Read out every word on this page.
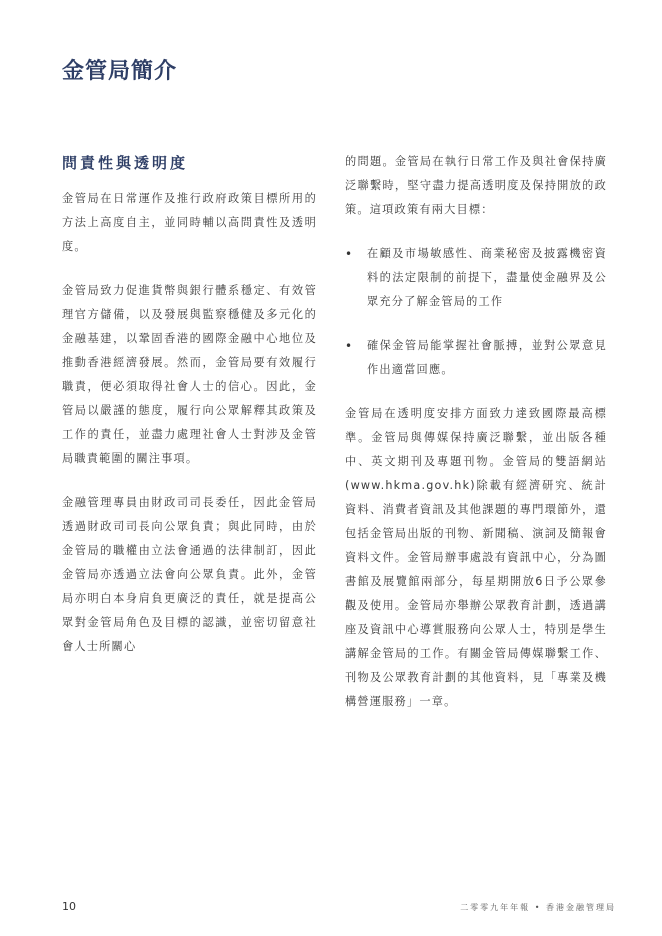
金管局簡介
問責性與透明度

金管局在日常運作及推行政府政策目標所用的方法上高度自主，並同時輔以高問責性及透明度。

金管局致力促進貨幣與銀行體系穩定、有效管理官方儲備，以及發展與監察穩健及多元化的金融基建，以鞏固香港的國際金融中心地位及推動香港經濟發展。然而，金管局要有效履行職責，便必須取得社會人士的信心。因此，金管局以嚴謹的態度，履行向公眾解釋其政策及工作的責任，並盡力處理社會人士對涉及金管局職責範圍的關注事項。

金融管理專員由財政司司長委任，因此金管局透過財政司司長向公眾負責；與此同時，由於金管局的職權由立法會通過的法律制訂，因此金管局亦透過立法會向公眾負責。此外，金管局亦明白本身肩負更廣泛的責任，就是提高公眾對金管局角色及目標的認識，並密切留意社會人士所關心

的問題。金管局在執行日常工作及與社會保持廣泛聯繫時，堅守盡力提高透明度及保持開放的政策。這項政策有兩大目標：

• 在顧及市場敏感性、商業秘密及披露機密資料的法定限制的前提下，盡量使金融界及公眾充分了解金管局的工作
• 確保金管局能掌握社會脈搏，並對公眾意見作出適當回應。

金管局在透明度安排方面致力達致國際最高標準。金管局與傳媒保持廣泛聯繫，並出版各種中、英文期刊及專題刊物。金管局的雙語網站(www.hkma.gov.hk)除載有經濟研究、統計資料、消費者資訊及其他課題的專門環節外，還包括金管局出版的刊物、新聞稿、演詞及簡報會資料文件。金管局辦事處設有資訊中心，分為圖書館及展覽館兩部分，每星期開放6日予公眾參觀及使用。金管局亦舉辦公眾教育計劃，透過講座及資訊中心導賞服務向公眾人士，特別是學生講解金管局的工作。有關金管局傳媒聯繫工作、刊物及公眾教育計劃的其他資料，見「專業及機構營運服務」一章。

10	二零零九年年報 • 香港金融管理局
